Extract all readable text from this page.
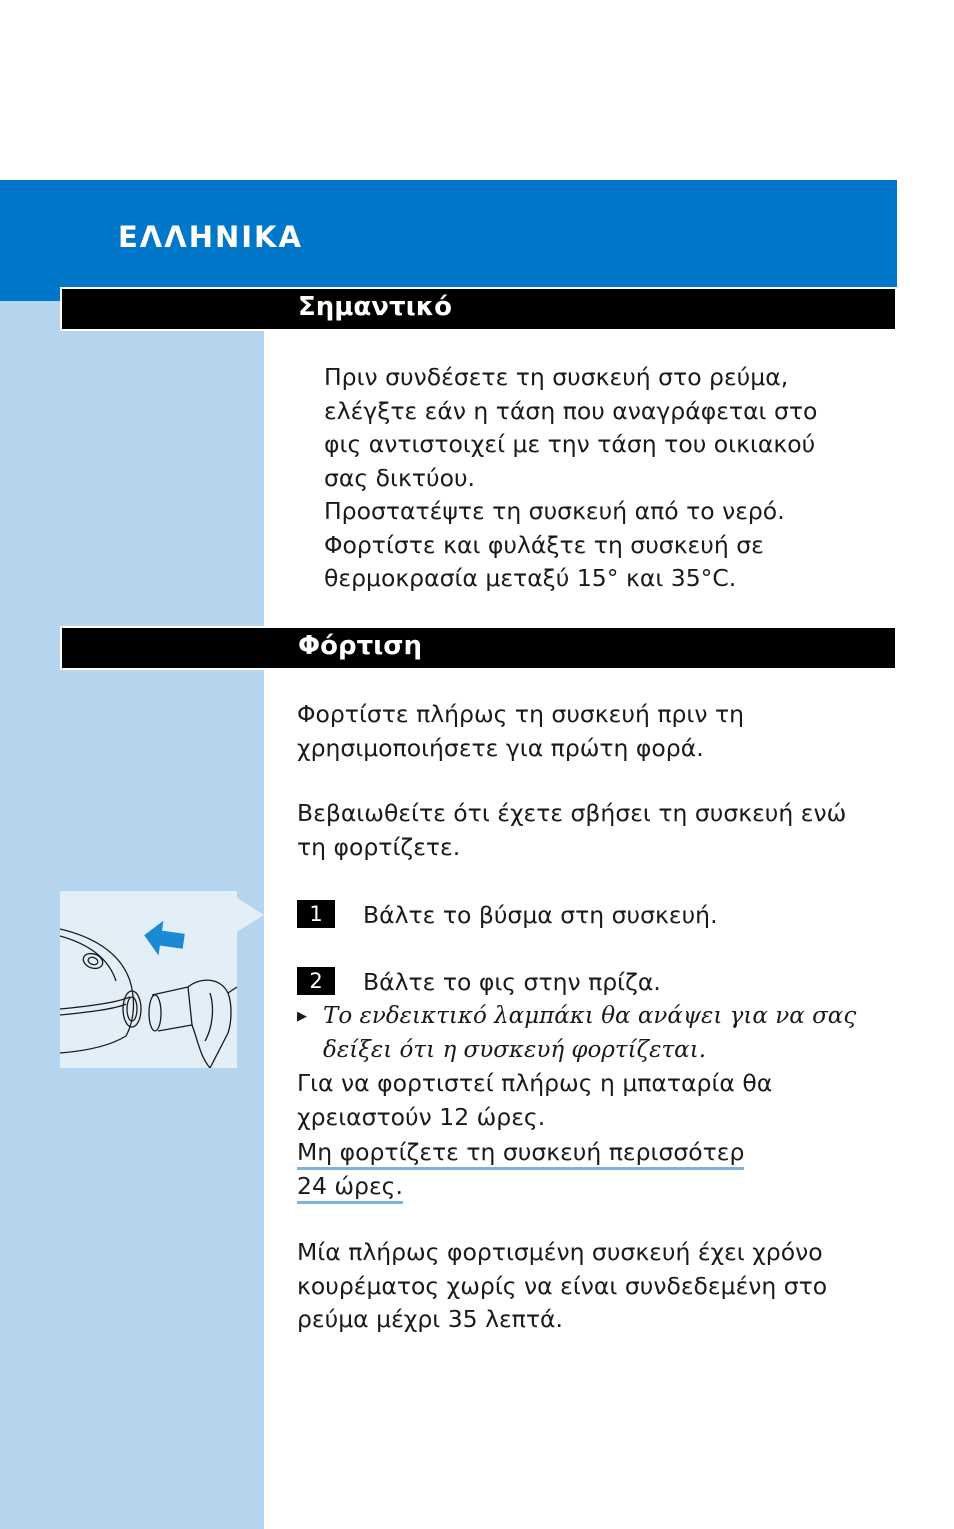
ΕΛΛΗΝΙΚΑ
Σημαντικό
Πριν συνδέσετε τη συσκευή στο ρεύμα,
ελέγξτε εάν η τάση που αναγράφεται στο
φις αντιστοιχεί με την τάση του οικιακού
σας δικτύου.
Προστατέψτε τη συσκευή από το νερό.
Φορτίστε και φυλάξτε τη συσκευή σε
θερμοκρασία μεταξύ 15° και 35°C.
Φόρτιση
Φορτίστε πλήρως τη συσκευή πριν τη
χρησιμοποιήσετε για πρώτη φορά.
Βεβαιωθείτε ότι έχετε σβήσει τη συσκευή ενώ
τη φορτίζετε.
1 Βάλτε το βύσμα στη συσκευή.
2 Βάλτε το φις στην πρίζα.
▶ Το ενδεικτικό λαμπάκι θα ανάψει για να σας
δείξει ότι η συσκευή φορτίζεται.
Για να φορτιστεί πλήρως η μπαταρία θα
χρειαστούν 12 ώρες.
Μη φορτίζετε τη συσκευή περισσότερ
24 ώρες.
Μία πλήρως φορτισμένη συσκευή έχει χρόνο
κουρέματος χωρίς να είναι συνδεδεμένη στο
ρεύμα μέχρι 35 λεπτά.
